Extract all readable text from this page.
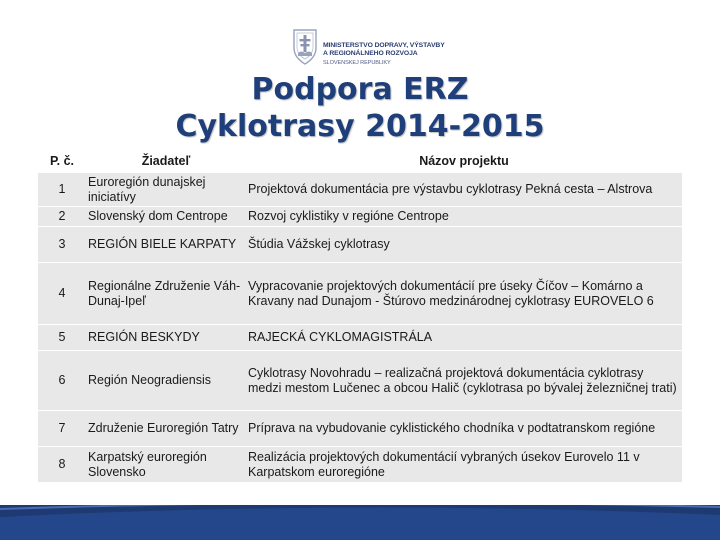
MINISTERSTVO DOPRAVY, VÝSTAVBY
A REGIONÁLNEHO ROZVOJA
SLOVENSKEJ REPUBLIKY
Podpora ERZ
Cyklotrasy 2014-2015
P. č.	Žiadateľ	Názov projektu
1	Euroregión dunajskej iniciatívy	Projektová dokumentácia pre výstavbu cyklotrasy Pekná cesta – Alstrova
2	Slovenský dom Centrope	Rozvoj cyklistiky v regióne Centrope
3	REGIÓN BIELE KARPATY	Štúdia Vážskej cyklotrasy
4	Regionálne Združenie Váh-Dunaj-Ipeľ	Vypracovanie projektových dokumentácií pre úseky Číčov – Komárno a Kravany nad Dunajom - Štúrovo medzinárodnej cyklotrasy EUROVELO 6
5	REGIÓN BESKYDY	RAJECKÁ CYKLOMAGISTRÁLA
6	Región Neogradiensis	Cyklotrasy Novohradu – realizačná projektová dokumentácia cyklotrasy medzi mestom Lučenec a obcou Halič (cyklotrasa po bývalej železničnej trati)
7	Združenie Euroregión Tatry	Príprava na vybudovanie cyklistického chodníka v podtatranskom regióne
8	Karpatský euroregión Slovensko	Realizácia projektových dokumentácií vybraných úsekov Eurovelo 11 v Karpatskom euroregióne
